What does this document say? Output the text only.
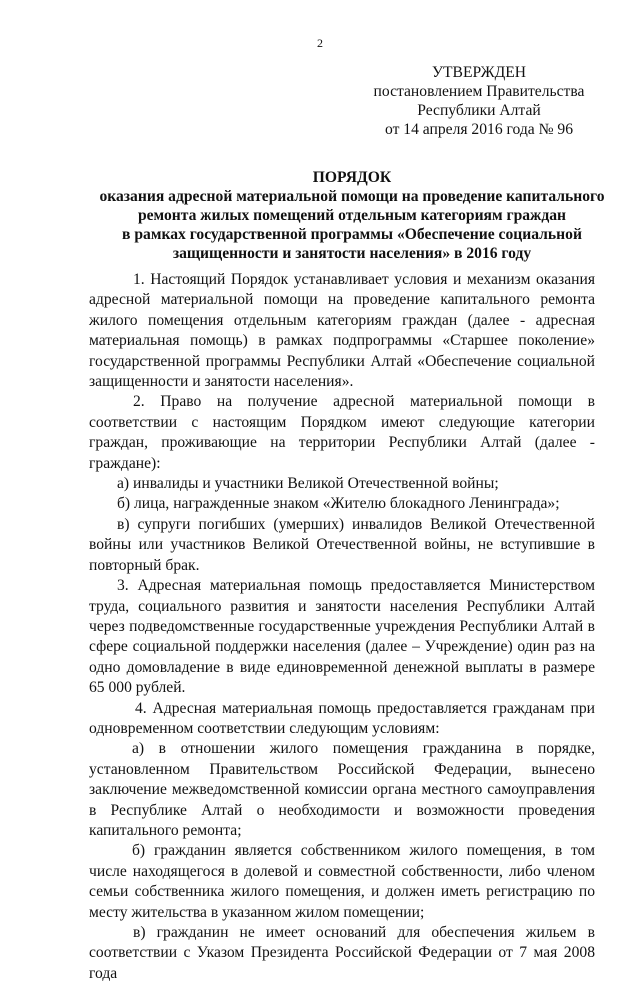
2
УТВЕРЖДЕН
постановлением Правительства
Республики Алтай
от 14 апреля 2016 года № 96
ПОРЯДОК
оказания адресной материальной помощи на проведение капитального
ремонта жилых помещений отдельным категориям граждан
в рамках государственной программы «Обеспечение социальной
защищенности и занятости населения» в 2016 году

1. Настоящий Порядок устанавливает условия и механизм оказания адресной материальной помощи на проведение капитального ремонта жилого помещения отдельным категориям граждан (далее - адресная материальная помощь) в рамках подпрограммы «Старшее поколение» государственной программы Республики Алтай «Обеспечение социальной защищенности и занятости населения».

2. Право на получение адресной материальной помощи в соответствии с настоящим Порядком имеют следующие категории граждан, проживающие на территории Республики Алтай (далее - граждане):

а) инвалиды и участники Великой Отечественной войны;

б) лица, награжденные знаком «Жителю блокадного Ленинграда»;

в) супруги погибших (умерших) инвалидов Великой Отечественной войны или участников Великой Отечественной войны, не вступившие в повторный брак.

3. Адресная материальная помощь предоставляется Министерством труда, социального развития и занятости населения Республики Алтай через подведомственные государственные учреждения Республики Алтай в сфере социальной поддержки населения (далее – Учреждение) один раз на одно домовладение в виде единовременной денежной выплаты в размере 65 000 рублей.

4. Адресная материальная помощь предоставляется гражданам при одновременном соответствии следующим условиям:

а) в отношении жилого помещения гражданина в порядке, установленном Правительством Российской Федерации, вынесено заключение межведомственной комиссии органа местного самоуправления в Республике Алтай о необходимости и возможности проведения капитального ремонта;

б) гражданин является собственником жилого помещения, в том числе находящегося в долевой и совместной собственности, либо членом семьи собственника жилого помещения, и должен иметь регистрацию по месту жительства в указанном жилом помещении;

в) гражданин не имеет оснований для обеспечения жильем в соответствии с Указом Президента Российской Федерации от 7 мая 2008 года
